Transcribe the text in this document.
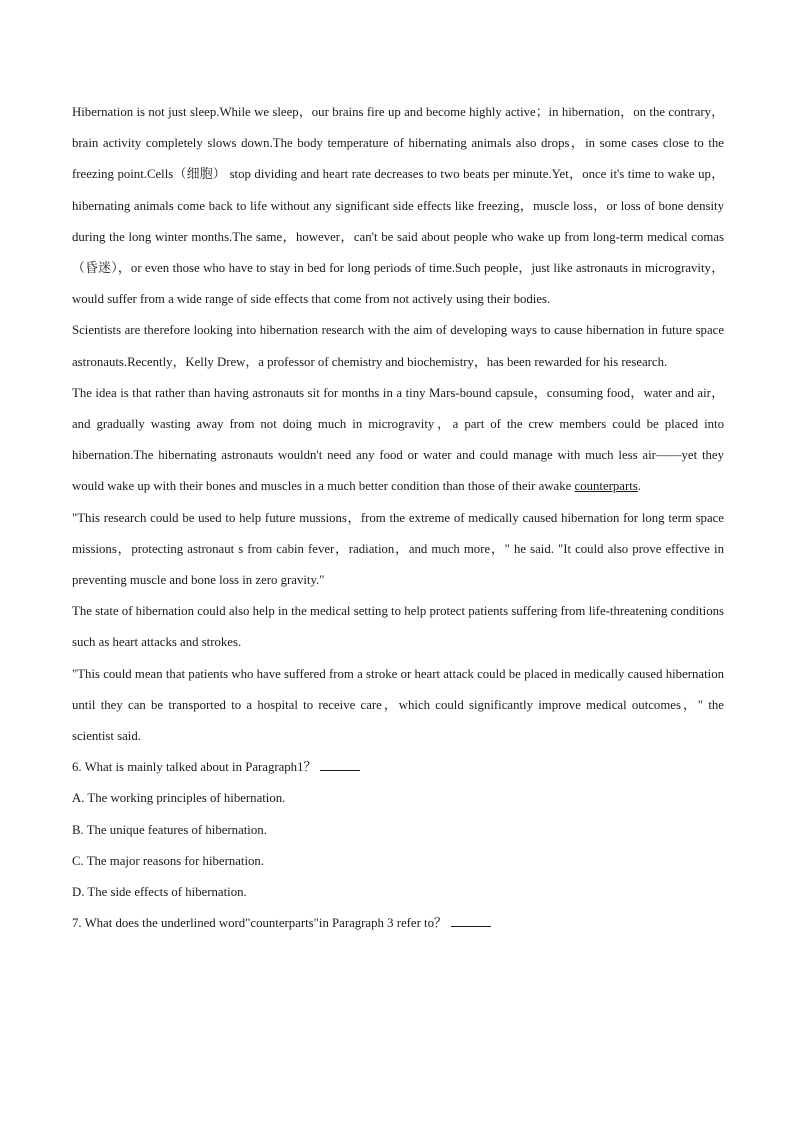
Hibernation is not just sleep.While we sleep，our brains fire up and become highly active；in hibernation，on the contrary，brain activity completely slows down.The body temperature of hibernating animals also drops，in some cases close to the freezing point.Cells（细胞） stop dividing and heart rate decreases to two beats per minute.Yet，once it's time to wake up，hibernating animals come back to life without any significant side effects like freezing，muscle loss，or loss of bone density during the long winter months.The same，however，can't be said about people who wake up from long-term medical comas（昏迷），or even those who have to stay in bed for long periods of time.Such people，just like astronauts in microgravity，would suffer from a wide range of side effects that come from not actively using their bodies.

Scientists are therefore looking into hibernation research with the aim of developing ways to cause hibernation in future space astronauts.Recently，Kelly Drew，a professor of chemistry and biochemistry，has been rewarded for his research.

The idea is that rather than having astronauts sit for months in a tiny Mars-bound capsule，consuming food，water and air，and gradually wasting away from not doing much in microgravity，a part of the crew members could be placed into hibernation.The hibernating astronauts wouldn't need any food or water and could manage with much less air——yet they would wake up with their bones and muscles in a much better condition than those of their awake counterparts.

"This research could be used to help future mussions，from the extreme of medically caused hibernation for long term space missions，protecting astronaut s from cabin fever，radiation，and much more，" he said. "It could also prove effective in preventing muscle and bone loss in zero gravity."

The state of hibernation could also help in the medical setting to help protect patients suffering from life-threatening conditions such as heart attacks and strokes.

"This could mean that patients who have suffered from a stroke or heart attack could be placed in medically caused hibernation until they can be transported to a hospital to receive care，which could significantly improve medical outcomes，" the scientist said.

6. What is mainly talked about in Paragraph1？

A. The working principles of hibernation.

B. The unique features of hibernation.

C. The major reasons for hibernation.

D. The side effects of hibernation.

7. What does the underlined word"counterparts"in Paragraph 3 refer to？
